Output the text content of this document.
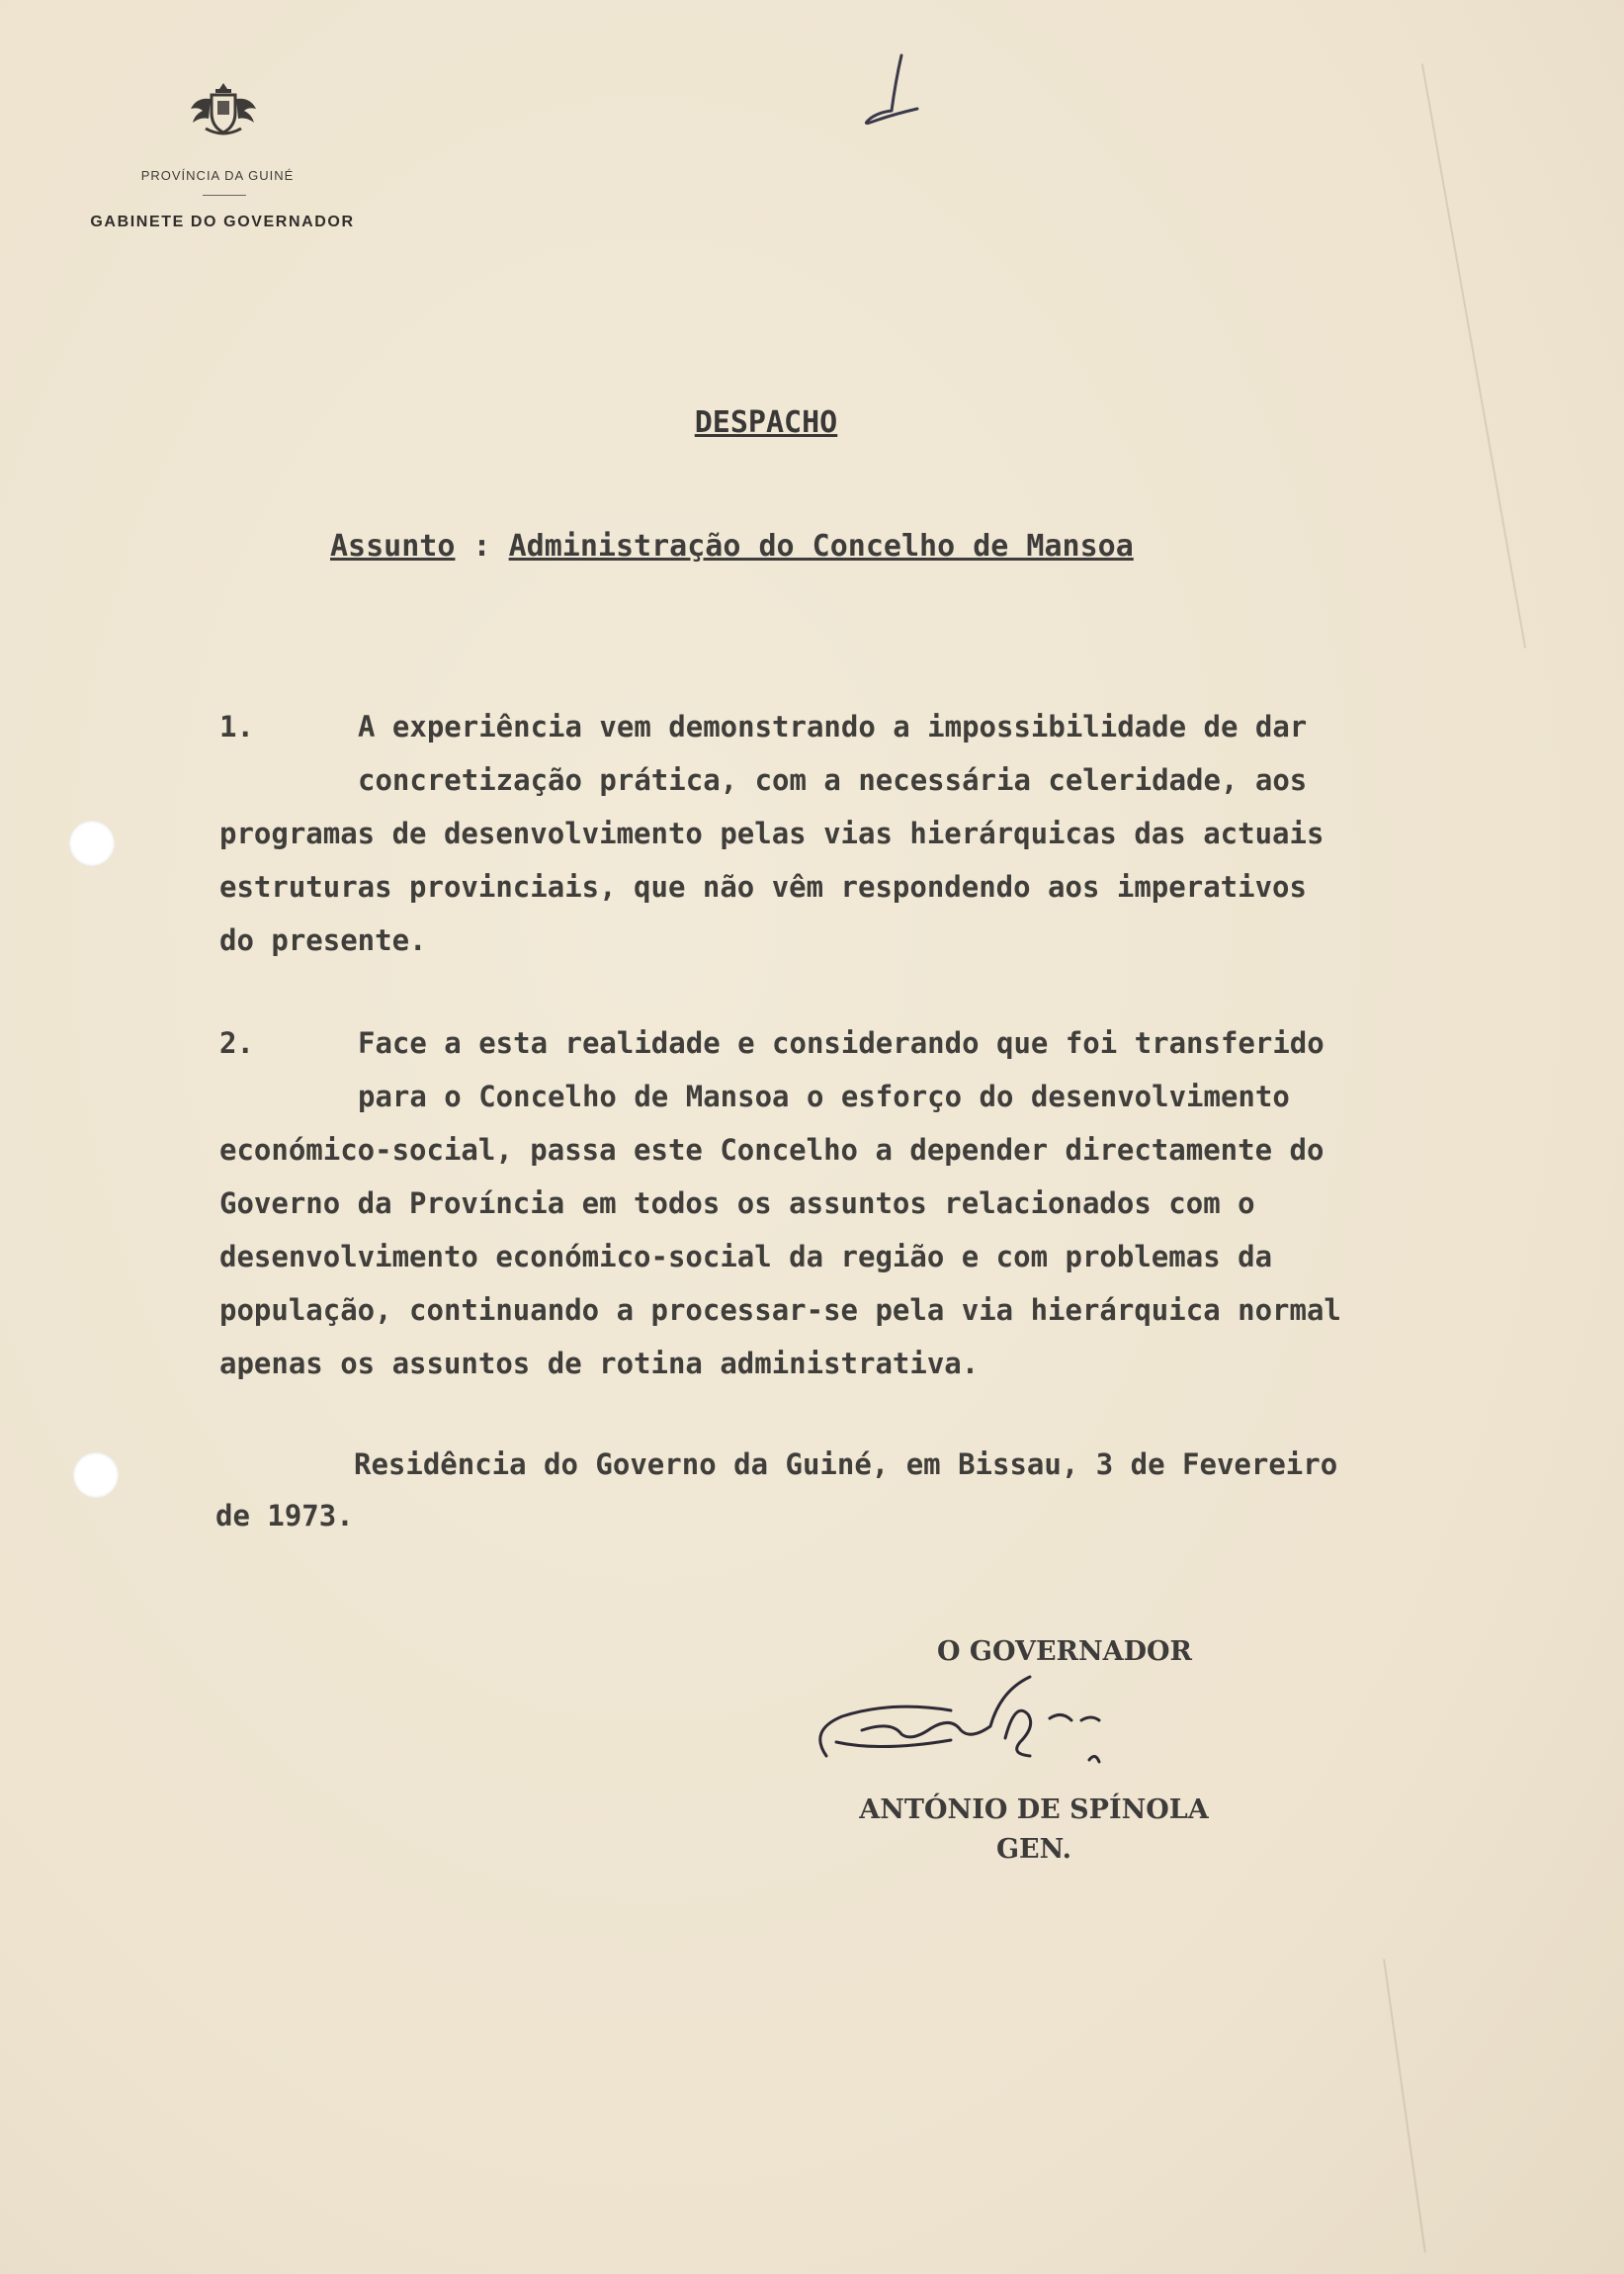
PROVÍNCIA DA GUINÉ
GABINETE DO GOVERNADOR
DESPACHO
Assunto : Administração do Concelho de Mansoa
1.	A experiência vem demonstrando a impossibilidade de dar
concretização prática, com a necessária celeridade, aos
programas de desenvolvimento pelas vias hierárquicas das actuais
estruturas provinciais, que não vêm respondendo aos imperativos
do presente.
2.	Face a esta realidade e considerando que foi transferido
para o Concelho de Mansoa o esforço do desenvolvimento
económico-social, passa este Concelho a depender directamente do
Governo da Província em todos os assuntos relacionados com o
desenvolvimento económico-social da região e com problemas da
população, continuando a processar-se pela via hierárquica normal
apenas os assuntos de rotina administrativa.
Residência do Governo da Guiné, em Bissau, 3 de Fevereiro
de 1973.
O GOVERNADOR
ANTÓNIO DE SPÍNOLA
GEN.
